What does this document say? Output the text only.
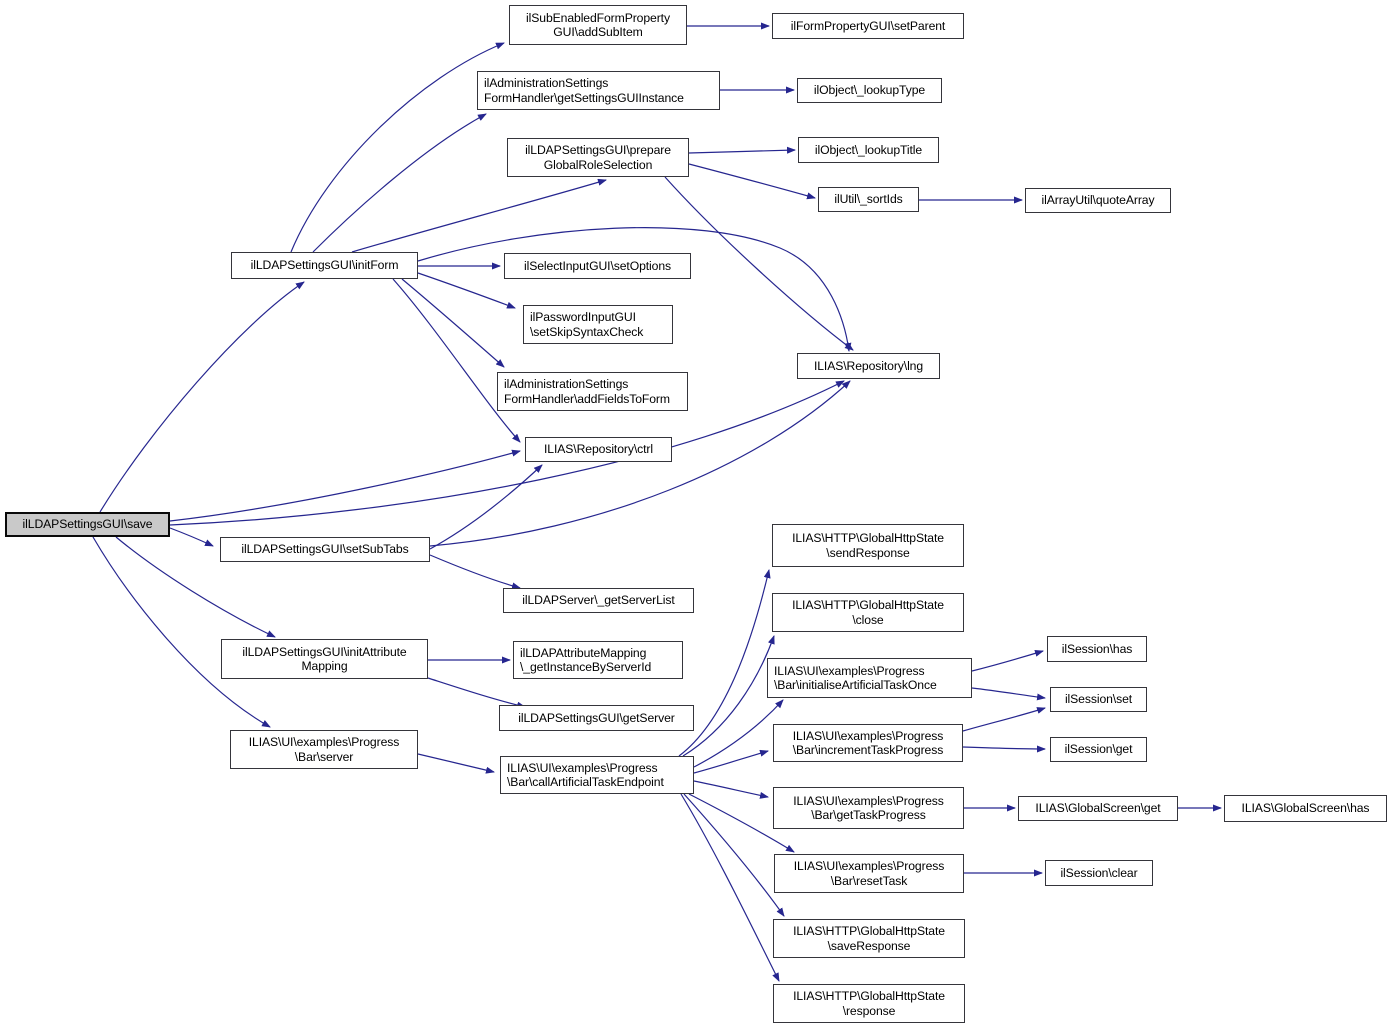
ilLDAPSettingsGUI\save
ilLDAPSettingsGUI\initForm
ilLDAPSettingsGUI\setSubTabs
ilLDAPSettingsGUI\initAttribute
Mapping
ILIAS\UI\examples\Progress
\Bar\server
ilSubEnabledFormProperty
GUI\addSubItem
ilAdministrationSettings
FormHandler\getSettingsGUIInstance
ilLDAPSettingsGUI\prepare
GlobalRoleSelection
ilSelectInputGUI\setOptions
ilPasswordInputGUI
\setSkipSyntaxCheck
ilAdministrationSettings
FormHandler\addFieldsToForm
ILIAS\Repository\ctrl
ilLDAPServer\_getServerList
ilLDAPAttributeMapping
\_getInstanceByServerId
ilLDAPSettingsGUI\getServer
ILIAS\UI\examples\Progress
\Bar\callArtificialTaskEndpoint
ilFormPropertyGUI\setParent
ilObject\_lookupType
ilObject\_lookupTitle
ilUtil\_sortIds
ILIAS\Repository\lng
ILIAS\HTTP\GlobalHttpState
\sendResponse
ILIAS\HTTP\GlobalHttpState
\close
ILIAS\UI\examples\Progress
\Bar\initialiseArtificialTaskOnce
ILIAS\UI\examples\Progress
\Bar\incrementTaskProgress
ILIAS\UI\examples\Progress
\Bar\getTaskProgress
ILIAS\UI\examples\Progress
\Bar\resetTask
ILIAS\HTTP\GlobalHttpState
\saveResponse
ILIAS\HTTP\GlobalHttpState
\response
ilArrayUtil\quoteArray
ilSession\has
ilSession\set
ilSession\get
ILIAS\GlobalScreen\get
ilSession\clear
ILIAS\GlobalScreen\has
